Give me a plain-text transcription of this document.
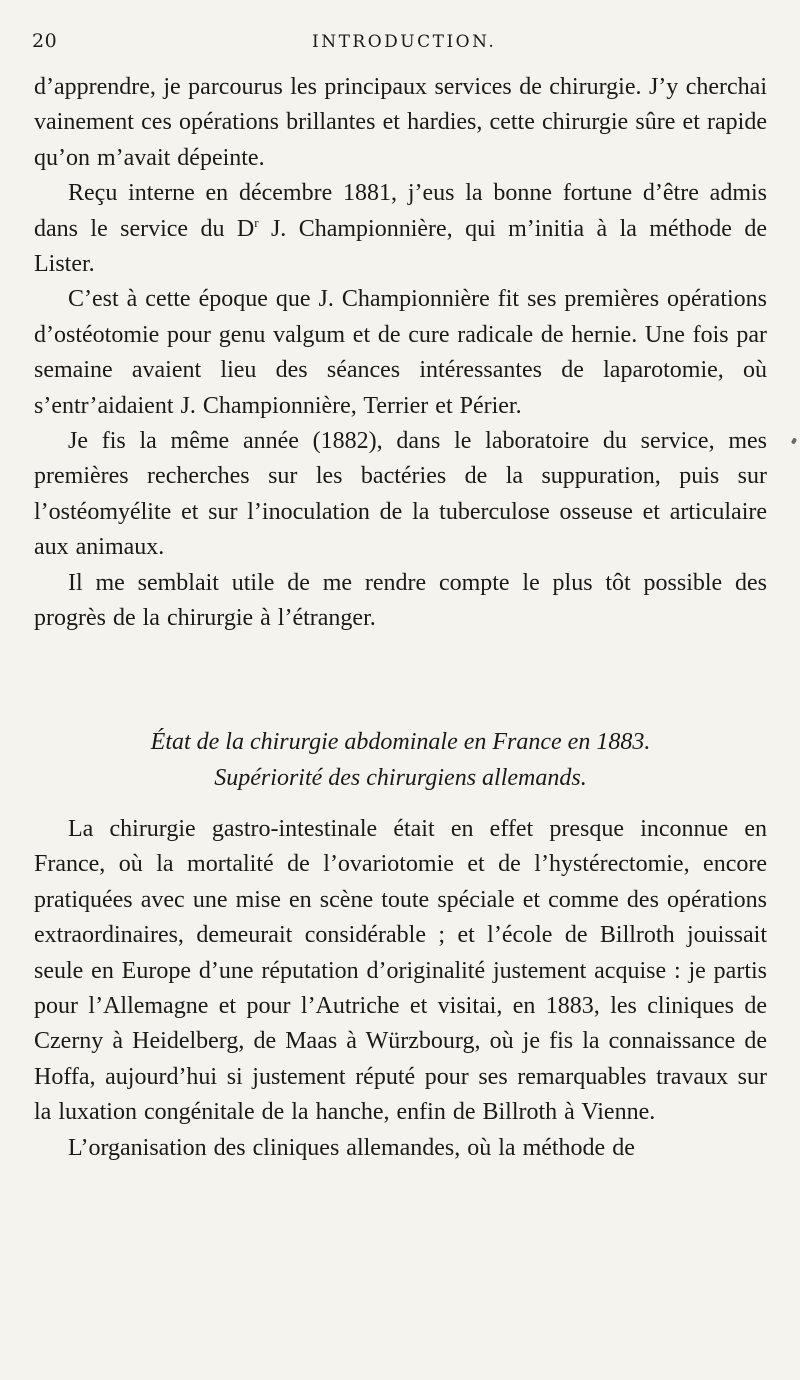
20	INTRODUCTION.

d’apprendre, je parcourus les principaux services de chirurgie. J’y cherchai vainement ces opérations brillantes et hardies, cette chirurgie sûre et rapide qu’on m’avait dépeinte.

Reçu interne en décembre 1881, j’eus la bonne fortune d’être admis dans le service du $D^r$ J. Championnière, qui m’initia à la méthode de Lister.

C’est à cette époque que J. Championnière fit ses premières opérations d’ostéotomie pour genu valgum et de cure radicale de hernie. Une fois par semaine avaient lieu des séances intéressantes de laparotomie, où s’entr’aidaient J. Championnière, Terrier et Périer.

Je fis la même année (1882), dans le laboratoire du service, mes premières recherches sur les bactéries de la suppuration, puis sur l’ostéomyélite et sur l’inoculation de la tuberculose osseuse et articulaire aux animaux.

Il me semblait utile de me rendre compte le plus tôt possible des progrès de la chirurgie à l’étranger.

État de la chirurgie abdominale en France en 1883.
Supériorité des chirurgiens allemands.

La chirurgie gastro-intestinale était en effet presque inconnue en France, où la mortalité de l’ovariotomie et de l’hystérectomie, encore pratiquées avec une mise en scène toute spéciale et comme des opérations extraordinaires, demeurait considérable ; et l’école de Billroth jouissait seule en Europe d’une réputation d’originalité justement acquise : je partis pour l’Allemagne et pour l’Autriche et visitai, en 1883, les cliniques de Czerny à Heidelberg, de Maas à Würzbourg, où je fis la connaissance de Hoffa, aujourd’hui si justement réputé pour ses remarquables travaux sur la luxation congénitale de la hanche, enfin de Billroth à Vienne.

L’organisation des cliniques allemandes, où la méthode de
